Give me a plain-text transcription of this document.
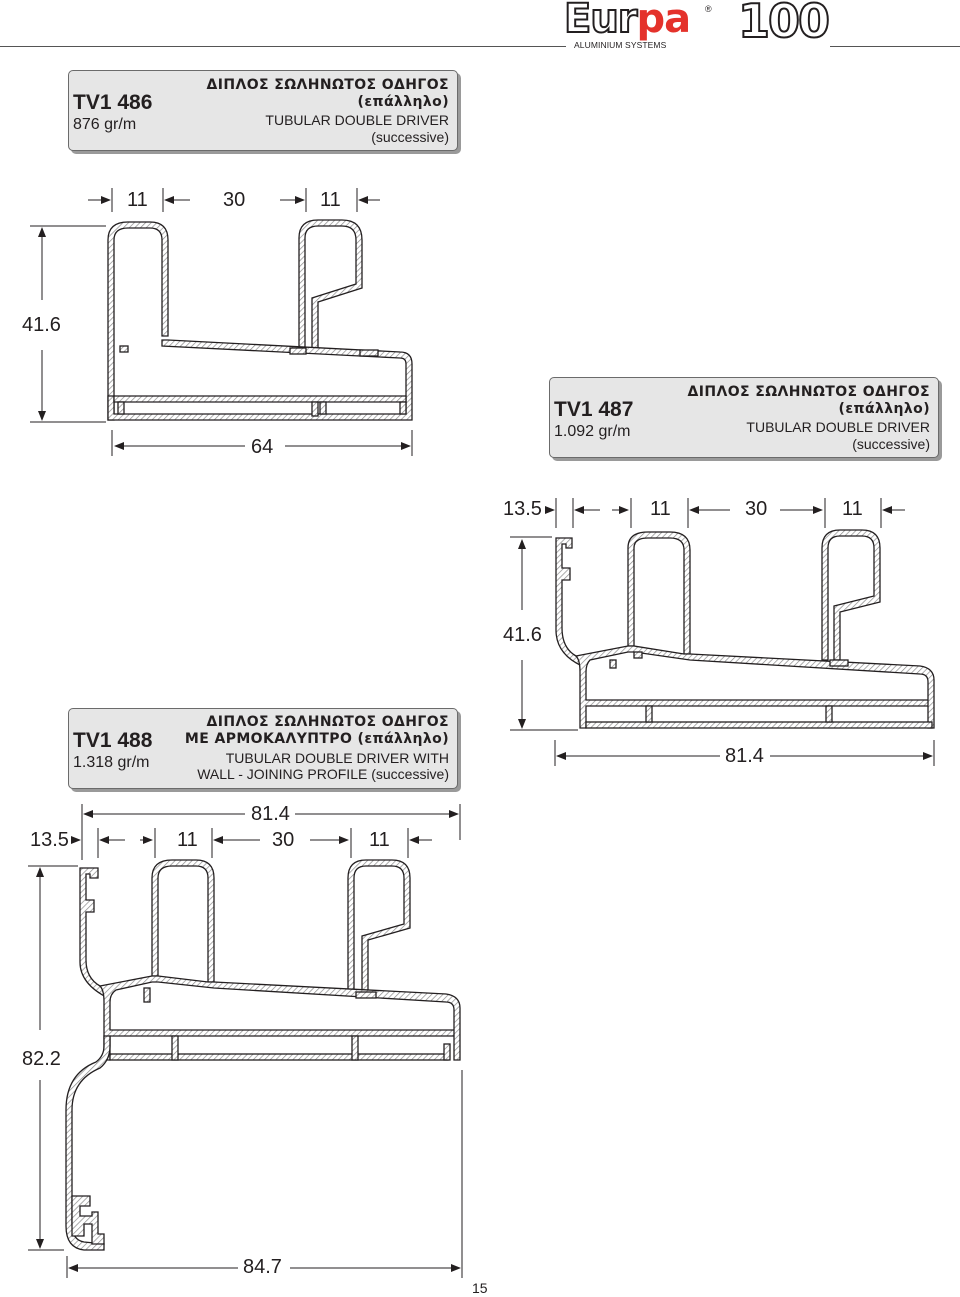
Eurpa ®
ALUMINIUM SYSTEMS 100
TV1 486
876 gr/m
ΔΙΠΛΟΣ ΣΩΛΗΝΩΤΟΣ ΟΔΗΓΟΣ
(επάλληλο)
TUBULAR DOUBLE DRIVER
(successive)
TV1 487
1.092 gr/m
ΔΙΠΛΟΣ ΣΩΛΗΝΩΤΟΣ ΟΔΗΓΟΣ
(επάλληλο)
TUBULAR DOUBLE DRIVER
(successive)
TV1 488
1.318 gr/m
ΔΙΠΛΟΣ ΣΩΛΗΝΩΤΟΣ ΟΔΗΓΟΣ
ΜΕ ΑΡΜΟΚΑΛΥΠΤΡΟ (επάλληλο)
TUBULAR DOUBLE DRIVER WITH
WALL - JOINING PROFILE (successive)
11	30	11
41.6
64
13.5	11	30	11
41.6
81.4
81.4
13.5	11	30	11
82.2
84.7
15
